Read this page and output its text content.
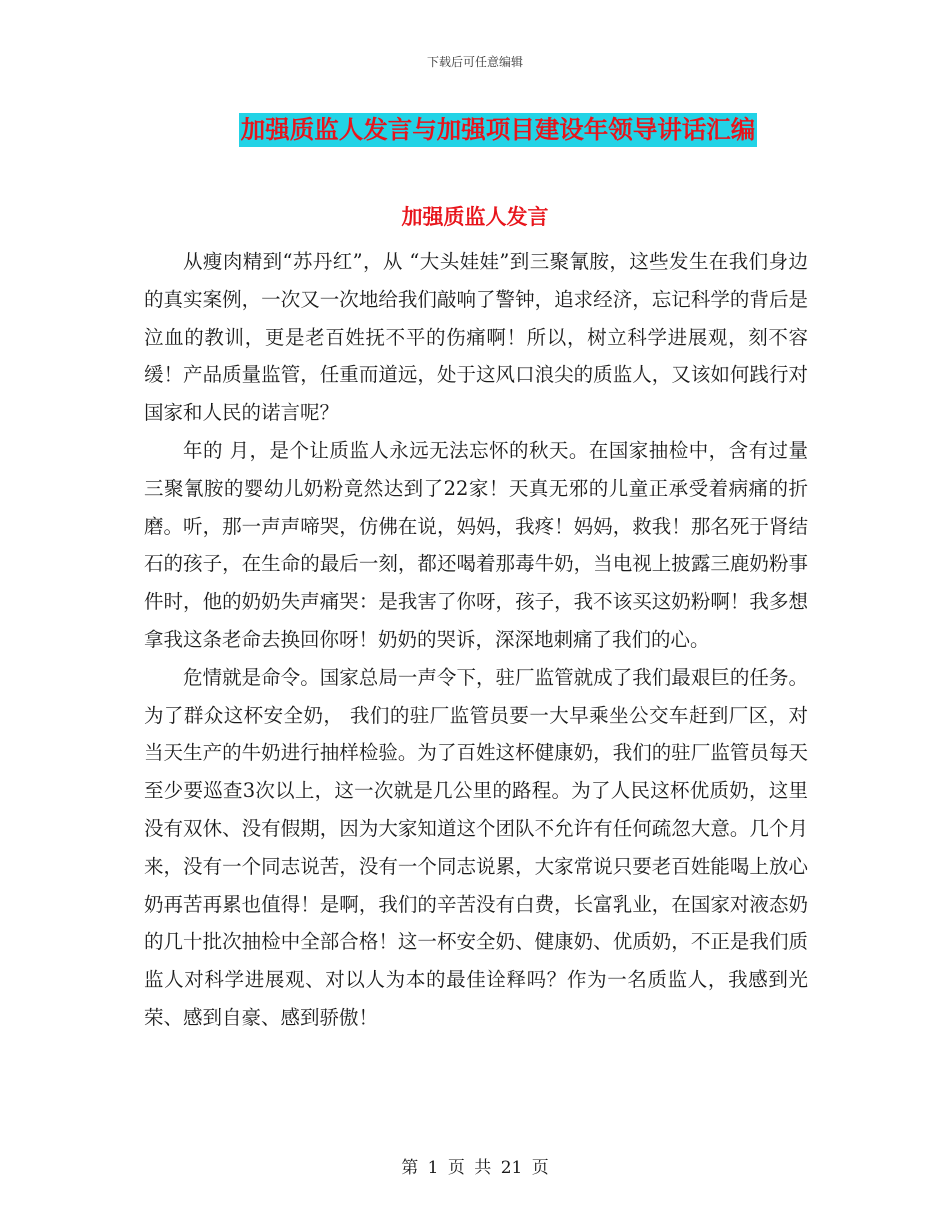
下载后可任意编辑
加强质监人发言与加强项目建设年领导讲话汇编
加强质监人发言

从瘦肉精到“苏丹红”，从 “大头娃娃”到三聚氰胺，这些发生在我们身边的真实案例，一次又一次地给我们敲响了警钟，追求经济，忘记科学的背后是泣血的教训，更是老百姓抚不平的伤痛啊！所以，树立科学进展观，刻不容缓！产品质量监管，任重而道远，处于这风口浪尖的质监人，又该如何践行对国家和人民的诺言呢？

年的 月，是个让质监人永远无法忘怀的秋天。在国家抽检中，含有过量三聚氰胺的婴幼儿奶粉竟然达到了22家！天真无邪的儿童正承受着病痛的折磨。听，那一声声啼哭，仿佛在说，妈妈，我疼！妈妈，救我！那名死于肾结石的孩子，在生命的最后一刻，都还喝着那毒牛奶，当电视上披露三鹿奶粉事件时，他的奶奶失声痛哭：是我害了你呀，孩子，我不该买这奶粉啊！我多想拿我这条老命去换回你呀！奶奶的哭诉，深深地刺痛了我们的心。

危情就是命令。国家总局一声令下，驻厂监管就成了我们最艰巨的任务。为了群众这杯安全奶， 我们的驻厂监管员要一大早乘坐公交车赶到厂区，对当天生产的牛奶进行抽样检验。为了百姓这杯健康奶，我们的驻厂监管员每天至少要巡查3次以上，这一次就是几公里的路程。为了人民这杯优质奶，这里没有双休、没有假期，因为大家知道这个团队不允许有任何疏忽大意。几个月来，没有一个同志说苦，没有一个同志说累，大家常说只要老百姓能喝上放心奶再苦再累也值得！是啊，我们的辛苦没有白费，长富乳业，在国家对液态奶的几十批次抽检中全部合格！这一杯安全奶、健康奶、优质奶，不正是我们质监人对科学进展观、对以人为本的最佳诠释吗？作为一名质监人，我感到光荣、感到自豪、感到骄傲！

第 1 页 共 21 页
